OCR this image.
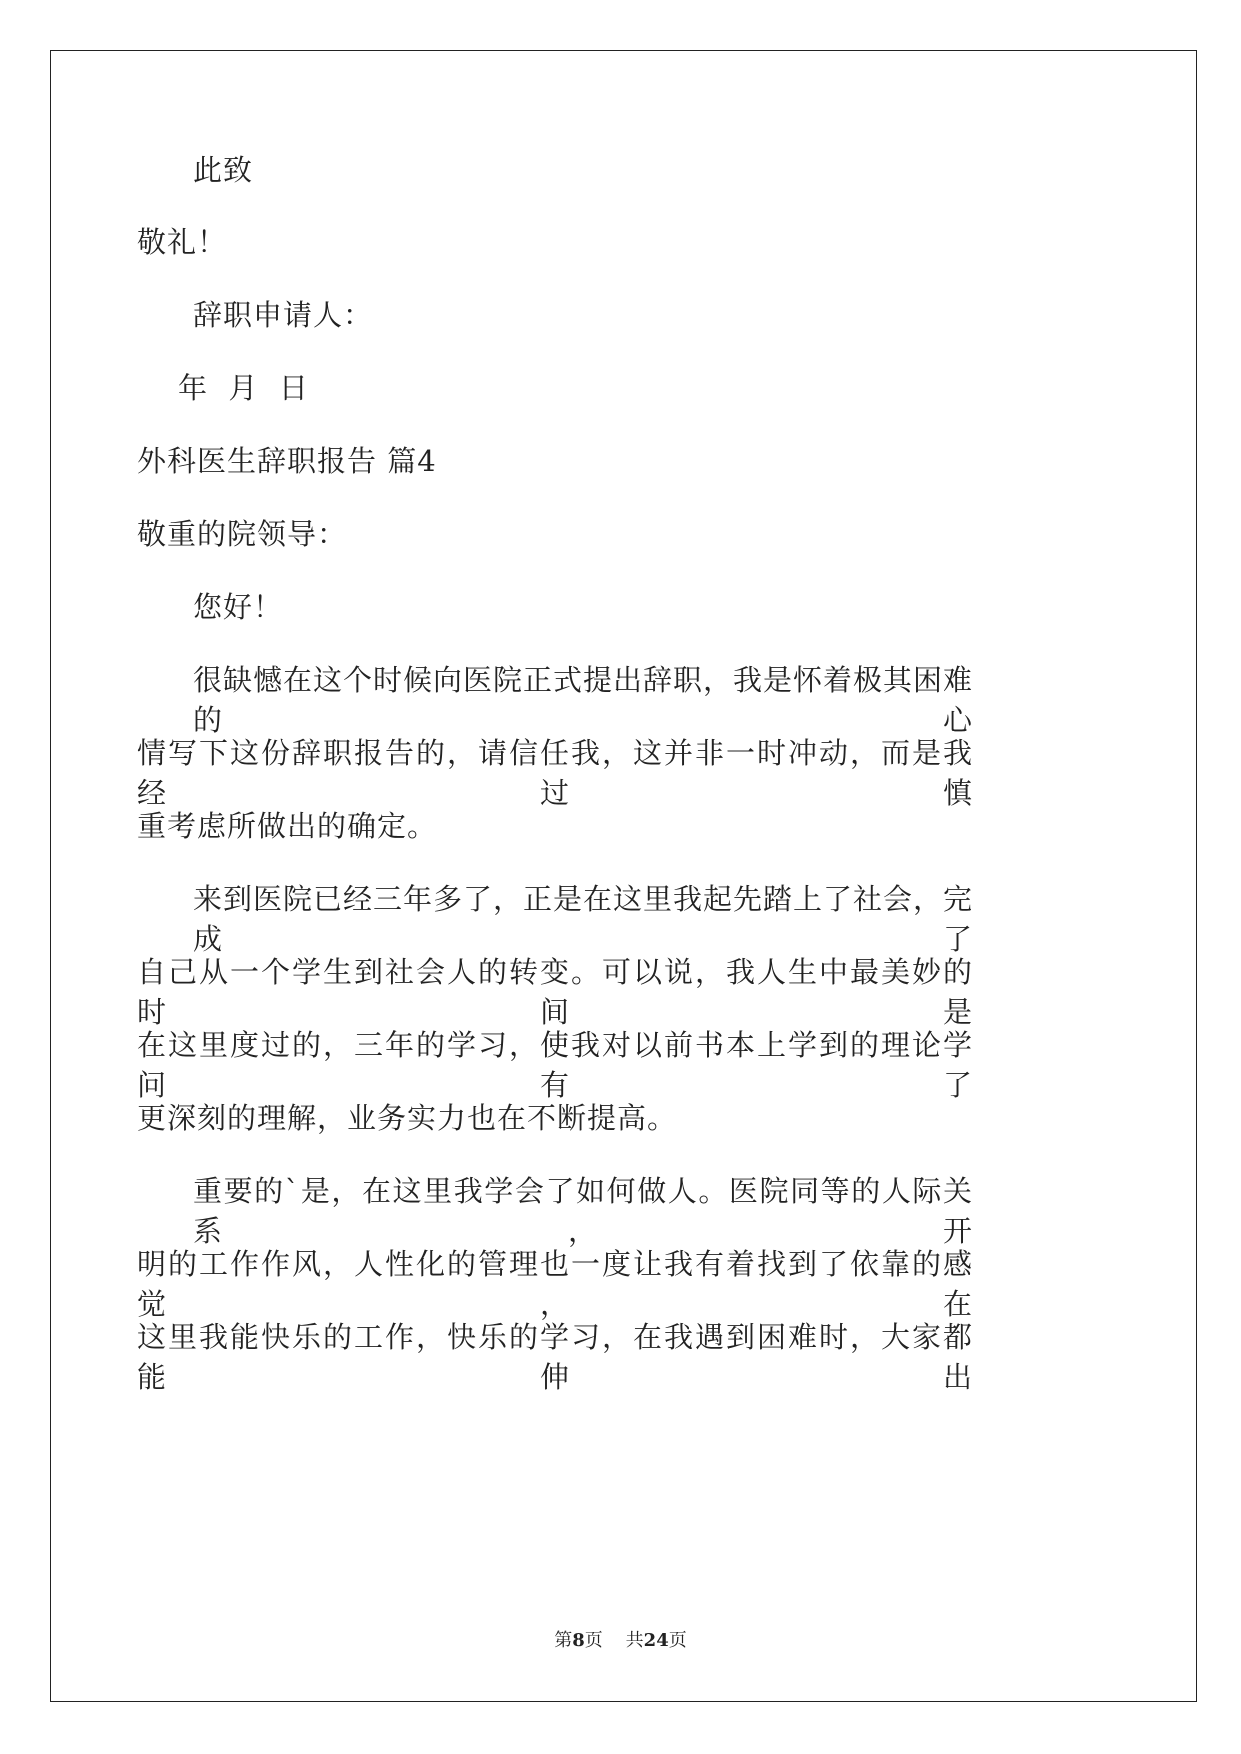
此致
敬礼！
辞职申请人：
年  月  日
外科医生辞职报告 篇4
敬重的院领导：
您好！
很缺憾在这个时候向医院正式提出辞职，我是怀着极其困难的心
情写下这份辞职报告的，请信任我，这并非一时冲动，而是我经过慎
重考虑所做出的确定。
来到医院已经三年多了，正是在这里我起先踏上了社会，完成了
自己从一个学生到社会人的转变。可以说，我人生中最美妙的时间是
在这里度过的，三年的学习，使我对以前书本上学到的理论学问有了
更深刻的理解，业务实力也在不断提高。
重要的`是，在这里我学会了如何做人。医院同等的人际关系，开
明的工作作风，人性化的管理也一度让我有着找到了依靠的感觉，在
这里我能快乐的工作，快乐的学习，在我遇到困难时，大家都能伸出
第8页 共24页
